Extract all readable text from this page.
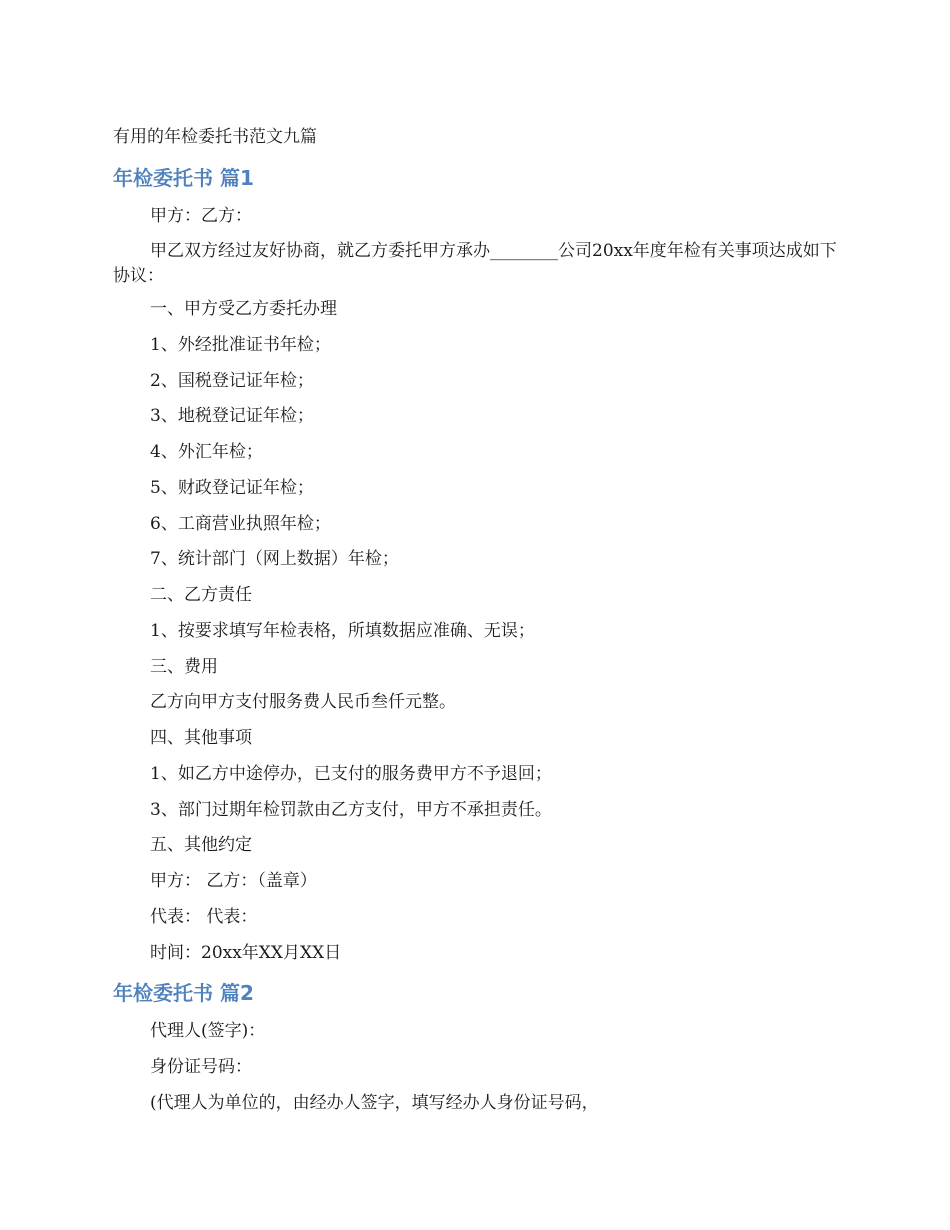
有用的年检委托书范文九篇
年检委托书 篇1
甲方：乙方：
甲乙双方经过友好协商，就乙方委托甲方承办________公司20xx年度年检有关事项达成如下协议：
一、甲方受乙方委托办理
1、外经批准证书年检；
2、国税登记证年检；
3、地税登记证年检；
4、外汇年检；
5、财政登记证年检；
6、工商营业执照年检；
7、统计部门（网上数据）年检；
二、乙方责任
1、按要求填写年检表格，所填数据应准确、无误；
三、费用
乙方向甲方支付服务费人民币叁仟元整。
四、其他事项
1、如乙方中途停办，已支付的服务费甲方不予退回；
3、部门过期年检罚款由乙方支付，甲方不承担责任。
五、其他约定
甲方： 乙方：（盖章）
代表： 代表：
时间：20xx年XX月XX日
年检委托书 篇2
代理人(签字)：
身份证号码：
(代理人为单位的，由经办人签字，填写经办人身份证号码，
